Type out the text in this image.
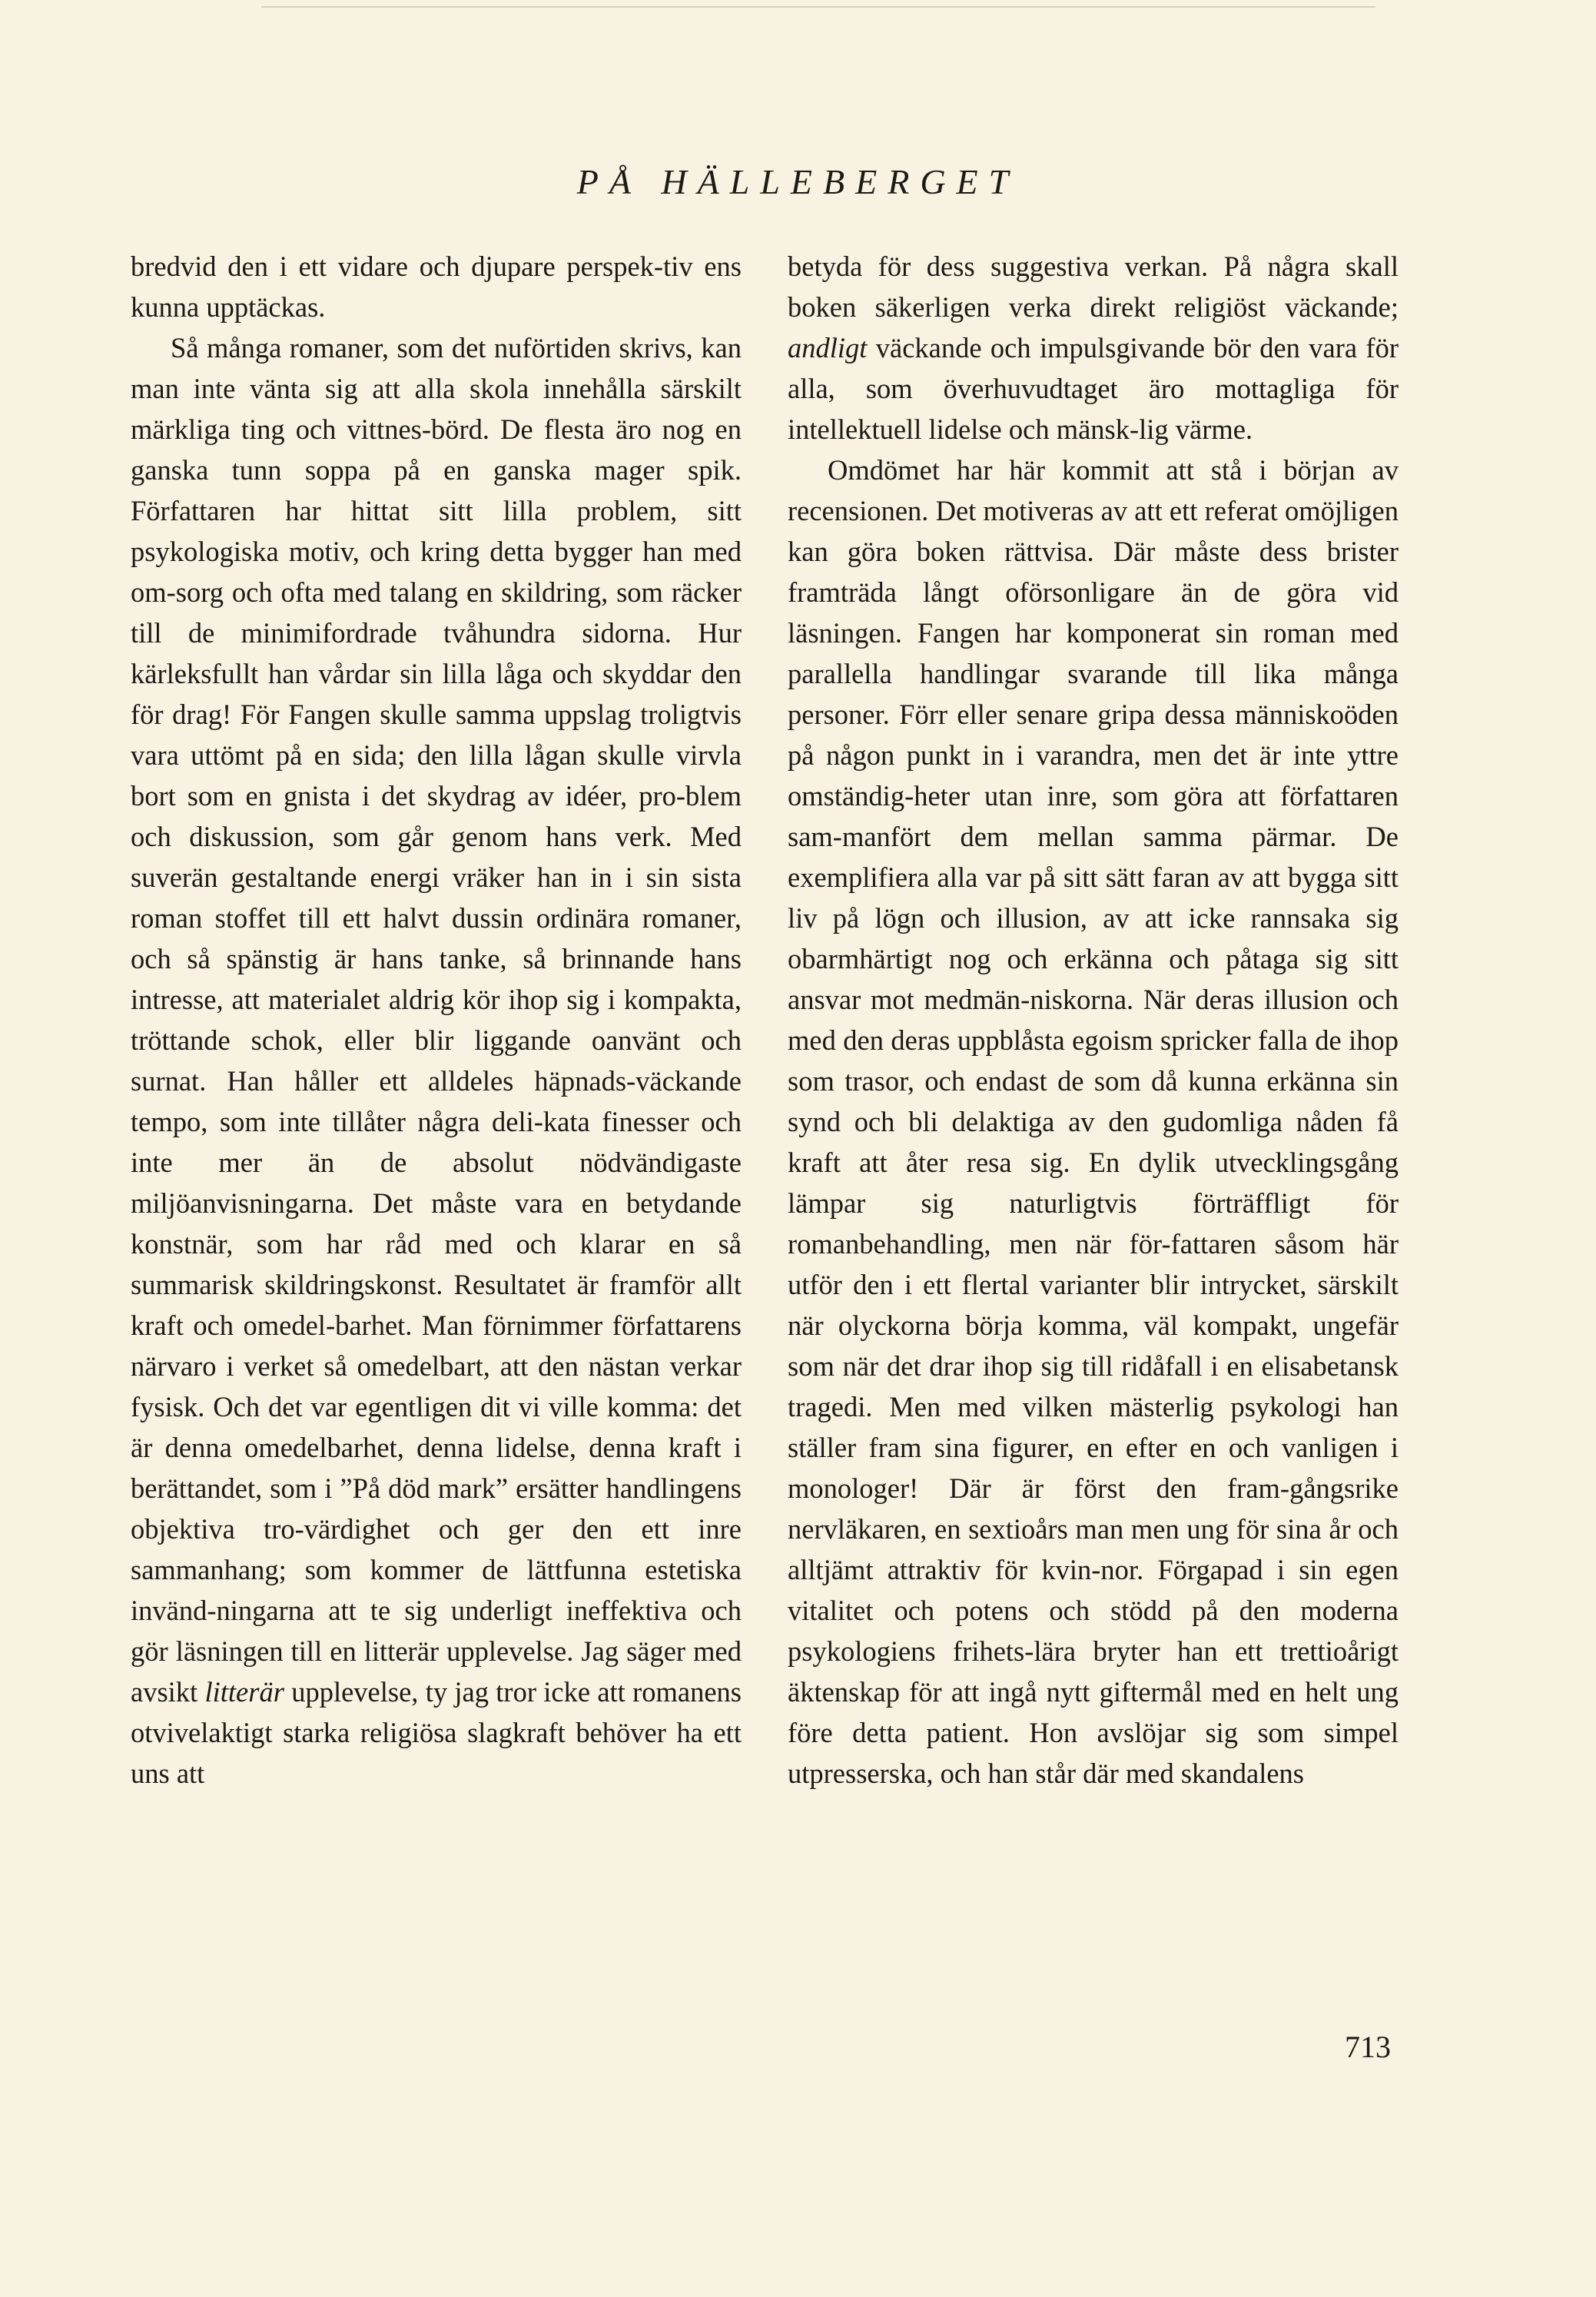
PÅ HÄLLEBERGET

bredvid den i ett vidare och djupare perspek-tiv ens kunna upptäckas.

Så många romaner, som det nuförtiden skrivs, kan man inte vänta sig att alla skola innehålla särskilt märkliga ting och vittnes-börd. De flesta äro nog en ganska tunn soppa på en ganska mager spik. Författaren har hittat sitt lilla problem, sitt psykologiska motiv, och kring detta bygger han med om-sorg och ofta med talang en skildring, som räcker till de minimifordrade tvåhundra sidorna. Hur kärleksfullt han vårdar sin lilla låga och skyddar den för drag! För Fangen skulle samma uppslag troligtvis vara uttömt på en sida; den lilla lågan skulle virvla bort som en gnista i det skydrag av idéer, pro-blem och diskussion, som går genom hans verk. Med suverän gestaltande energi vräker han in i sin sista roman stoffet till ett halvt dussin ordinära romaner, och så spänstig är hans tanke, så brinnande hans intresse, att materialet aldrig kör ihop sig i kompakta, tröttande schok, eller blir liggande oanvänt och surnat. Han håller ett alldeles häpnads-väckande tempo, som inte tillåter några deli-kata finesser och inte mer än de absolut nödvändigaste miljöanvisningarna. Det måste vara en betydande konstnär, som har råd med och klarar en så summarisk skildringskonst. Resultatet är framför allt kraft och omedel-barhet. Man förnimmer författarens närvaro i verket så omedelbart, att den nästan verkar fysisk. Och det var egentligen dit vi ville komma: det är denna omedelbarhet, denna lidelse, denna kraft i berättandet, som i ”På död mark” ersätter handlingens objektiva tro-värdighet och ger den ett inre sammanhang; som kommer de lättfunna estetiska invänd-ningarna att te sig underligt ineffektiva och gör läsningen till en litterär upplevelse. Jag säger med avsikt litterär upplevelse, ty jag tror icke att romanens otvivelaktigt starka religiösa slagkraft behöver ha ett uns att

betyda för dess suggestiva verkan. På några skall boken säkerligen verka direkt religiöst väckande; andligt väckande och impulsgivande bör den vara för alla, som överhuvudtaget äro mottagliga för intellektuell lidelse och mänsk-lig värme.

Omdömet har här kommit att stå i början av recensionen. Det motiveras av att ett referat omöjligen kan göra boken rättvisa. Där måste dess brister framträda långt oförsonligare än de göra vid läsningen. Fangen har komponerat sin roman med parallella handlingar svarande till lika många personer. Förr eller senare gripa dessa människoöden på någon punkt in i varandra, men det är inte yttre omständig-heter utan inre, som göra att författaren sam-manfört dem mellan samma pärmar. De exemplifiera alla var på sitt sätt faran av att bygga sitt liv på lögn och illusion, av att icke rannsaka sig obarmhärtigt nog och erkänna och påtaga sig sitt ansvar mot medmän-niskorna. När deras illusion och med den deras uppblåsta egoism spricker falla de ihop som trasor, och endast de som då kunna erkänna sin synd och bli delaktiga av den gudomliga nåden få kraft att åter resa sig. En dylik utvecklingsgång lämpar sig naturligtvis förträffligt för romanbehandling, men när för-fattaren såsom här utför den i ett flertal varianter blir intrycket, särskilt när olyckorna börja komma, väl kompakt, ungefär som när det drar ihop sig till ridåfall i en elisabetansk tragedi. Men med vilken mästerlig psykologi han ställer fram sina figurer, en efter en och vanligen i monologer! Där är först den fram-gångsrike nervläkaren, en sextioårs man men ung för sina år och alltjämt attraktiv för kvin-nor. Förgapad i sin egen vitalitet och potens och stödd på den moderna psykologiens frihets-lära bryter han ett trettioårigt äktenskap för att ingå nytt giftermål med en helt ung före detta patient. Hon avslöjar sig som simpel utpresserska, och han står där med skandalens

713
